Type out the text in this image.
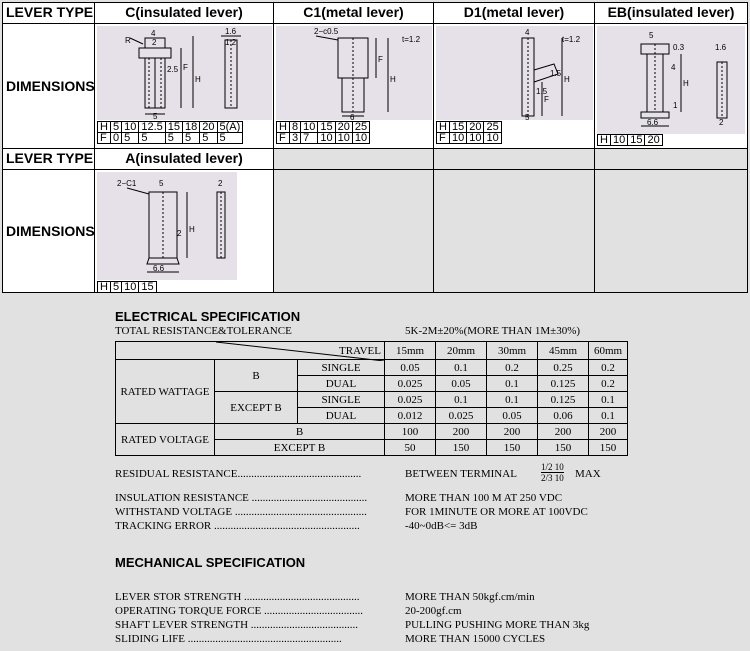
LEVER TYPE	C(insulated lever)	C1(metal lever)	D1(metal lever)	EB(insulated lever)
DIMENSIONS
4
2
R
2.5 F
H
1.6
1.2
5
H	5	10	12.5	15	18	20	5(A)
F	0	5	5	5	5	5	5
2−c0.5
t=1.2
F
H
6
H	8	10	15	20	25
F	3	7	10	10	10
4
t=1.2
1.5
H
F
5
1.5
H	15	20	25
F	10	10	10
5
0.3
4
1.6
1
H
6.6	2
H	10	15	20
LEVER TYPE	A(insulated lever)
DIMENSIONS
2−C1	5	2
2 H
6.6
H	5	10	15
ELECTRICAL SPECIFICATION
TOTAL RESISTANCE&TOLERANCE	5K-2M±20%(MORE THAN 1M±30%)
TRAVEL			15mm	20mm	30mm	45mm	60mm
RATED WATTAGE	B	SINGLE	0.05	0.1	0.2	0.25	0.2
		DUAL	0.025	0.05	0.1	0.125	0.2
	EXCEPT B	SINGLE	0.025	0.1	0.1	0.125	0.1
		DUAL	0.012	0.025	0.05	0.06	0.1
RATED VOLTAGE	B		100	200	200	200	200
	EXCEPT B		50	150	150	150	150
RESIDUAL RESISTANCE.............................................	BETWEEN TERMINAL
1/2 10
2/3 10 MAX
INSULATION RESISTANCE ..........................................	MORE THAN 100 M AT 250 VDC
WITHSTAND VOLTAGE ................................................	FOR 1MINUTE OR MORE AT 100VDC
TRACKING ERROR .....................................................	-40~0dB<= 3dB
MECHANICAL SPECIFICATION
LEVER STOR STRENGTH ..........................................	MORE THAN 50kgf.cm/min
OPERATING TORQUE FORCE ....................................	20-200gf.cm
SHAFT LEVER STRENGTH .......................................	PULLING PUSHING MORE THAN 3kg
SLIDING LIFE ........................................................	MORE THAN 15000 CYCLES
